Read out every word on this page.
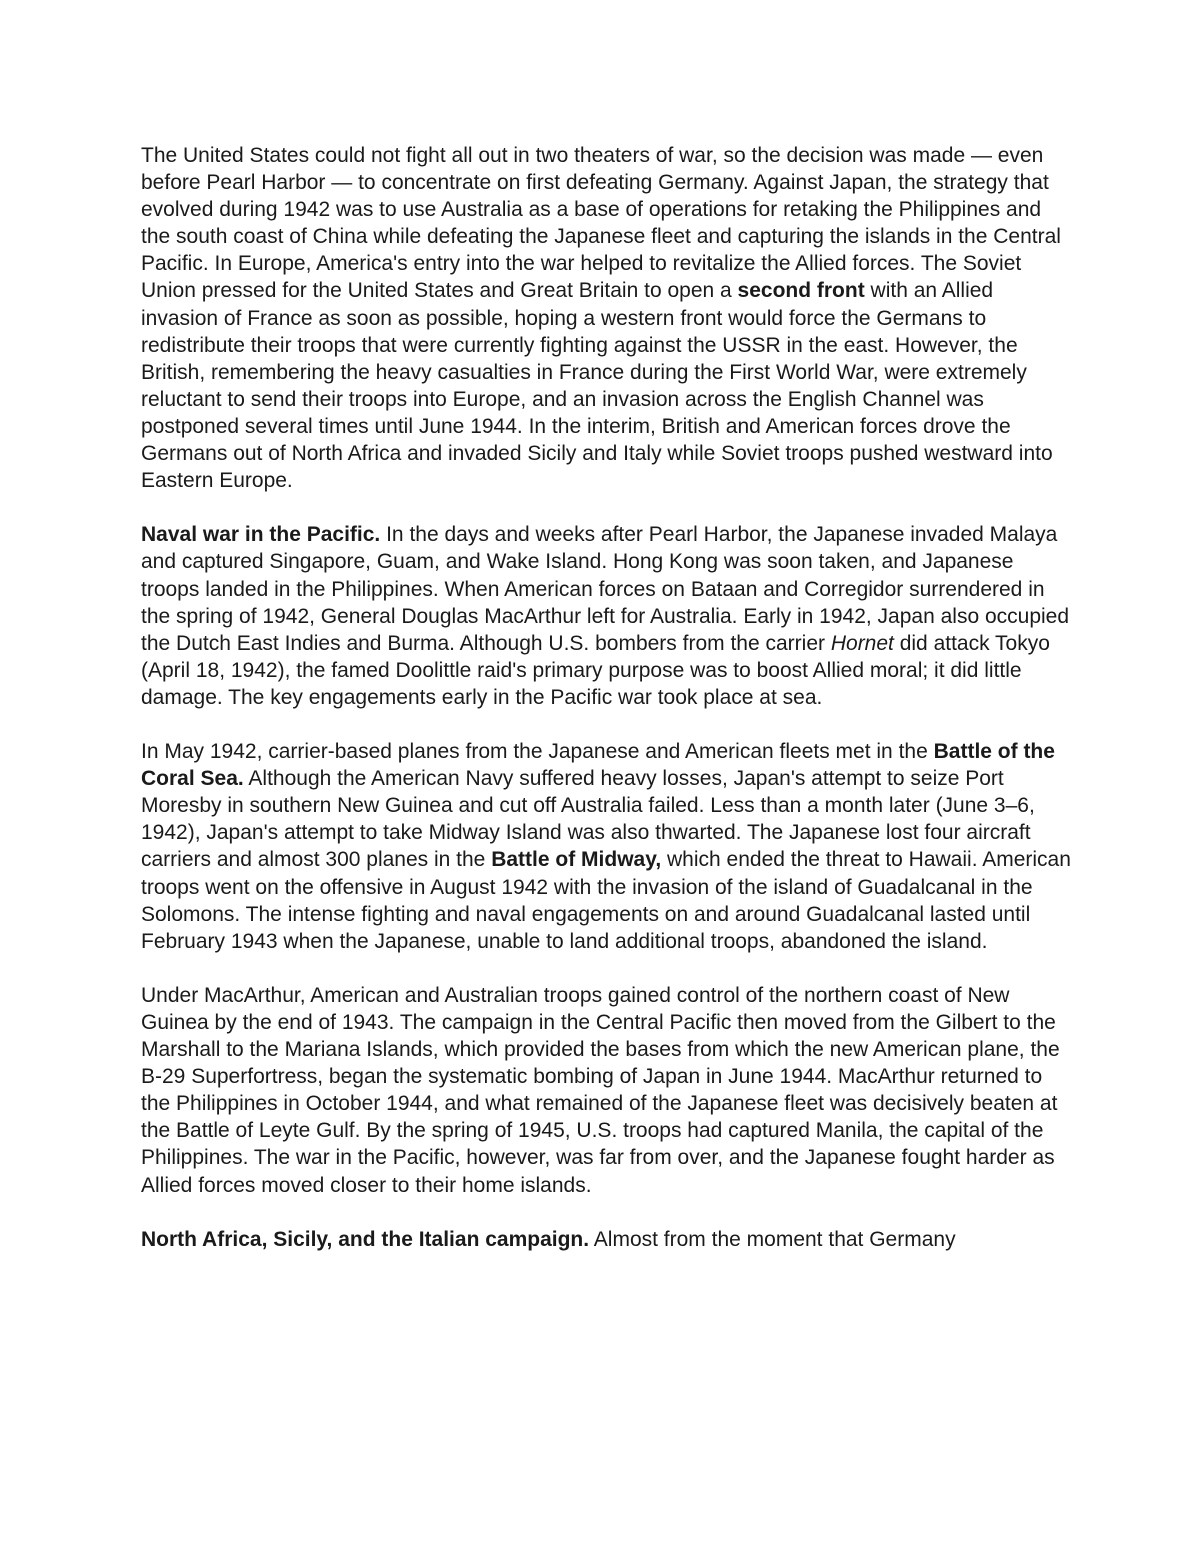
The United States could not fight all out in two theaters of war, so the decision was made — even before Pearl Harbor — to concentrate on first defeating Germany. Against Japan, the strategy that evolved during 1942 was to use Australia as a base of operations for retaking the Philippines and the south coast of China while defeating the Japanese fleet and capturing the islands in the Central Pacific. In Europe, America's entry into the war helped to revitalize the Allied forces. The Soviet Union pressed for the United States and Great Britain to open a second front with an Allied invasion of France as soon as possible, hoping a western front would force the Germans to redistribute their troops that were currently fighting against the USSR in the east. However, the British, remembering the heavy casualties in France during the First World War, were extremely reluctant to send their troops into Europe, and an invasion across the English Channel was postponed several times until June 1944. In the interim, British and American forces drove the Germans out of North Africa and invaded Sicily and Italy while Soviet troops pushed westward into Eastern Europe.

Naval war in the Pacific. In the days and weeks after Pearl Harbor, the Japanese invaded Malaya and captured Singapore, Guam, and Wake Island. Hong Kong was soon taken, and Japanese troops landed in the Philippines. When American forces on Bataan and Corregidor surrendered in the spring of 1942, General Douglas MacArthur left for Australia. Early in 1942, Japan also occupied the Dutch East Indies and Burma. Although U.S. bombers from the carrier Hornet did attack Tokyo (April 18, 1942), the famed Doolittle raid's primary purpose was to boost Allied moral; it did little damage. The key engagements early in the Pacific war took place at sea.

In May 1942, carrier-based planes from the Japanese and American fleets met in the Battle of the Coral Sea. Although the American Navy suffered heavy losses, Japan's attempt to seize Port Moresby in southern New Guinea and cut off Australia failed. Less than a month later (June 3–6, 1942), Japan's attempt to take Midway Island was also thwarted. The Japanese lost four aircraft carriers and almost 300 planes in the Battle of Midway, which ended the threat to Hawaii. American troops went on the offensive in August 1942 with the invasion of the island of Guadalcanal in the Solomons. The intense fighting and naval engagements on and around Guadalcanal lasted until February 1943 when the Japanese, unable to land additional troops, abandoned the island.

Under MacArthur, American and Australian troops gained control of the northern coast of New Guinea by the end of 1943. The campaign in the Central Pacific then moved from the Gilbert to the Marshall to the Mariana Islands, which provided the bases from which the new American plane, the B-29 Superfortress, began the systematic bombing of Japan in June 1944. MacArthur returned to the Philippines in October 1944, and what remained of the Japanese fleet was decisively beaten at the Battle of Leyte Gulf. By the spring of 1945, U.S. troops had captured Manila, the capital of the Philippines. The war in the Pacific, however, was far from over, and the Japanese fought harder as Allied forces moved closer to their home islands.

North Africa, Sicily, and the Italian campaign. Almost from the moment that Germany
